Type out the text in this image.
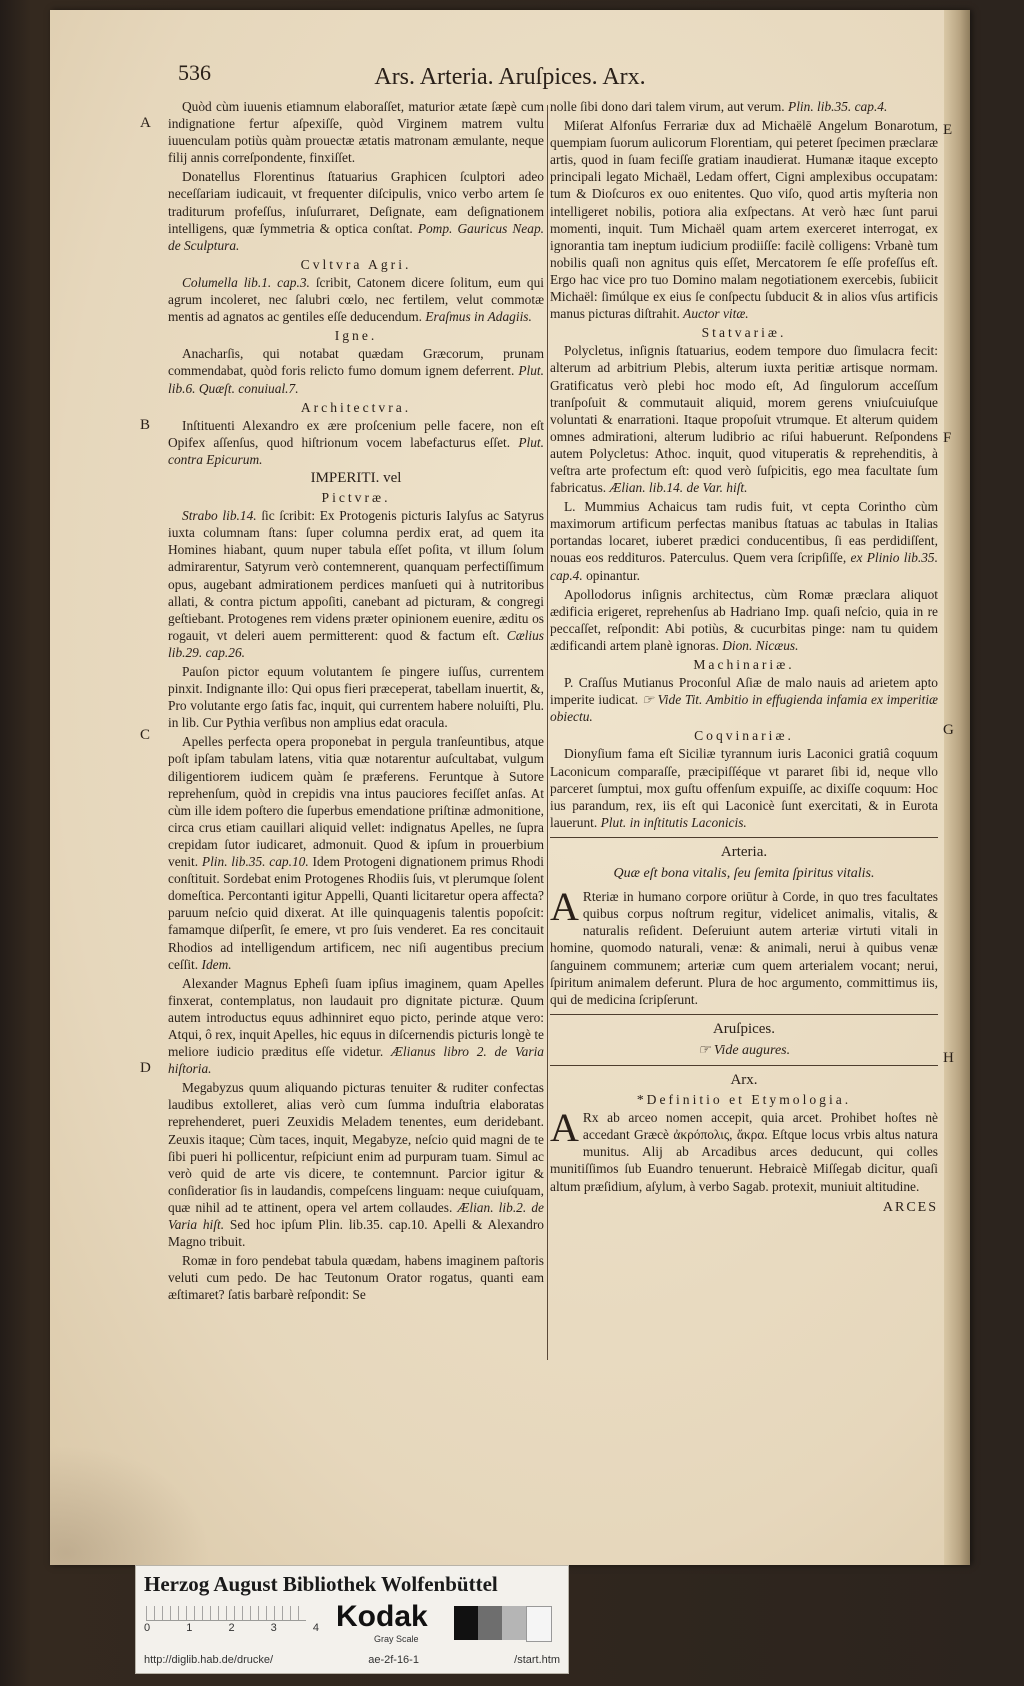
536	Ars. Arteria. Aruſpices. Arx.
A
B
C
D
E
F
G
H

Quòd cùm iuuenis etiamnum elaboraſſet, maturior ætate ſæpè cum indignatione fertur aſpexiſſe, quòd Virginem matrem vultu iuuenculam potiùs quàm prouectæ ætatis matronam æmulante, neque filij annis correſpondente, finxiſſet.

Donatellus Florentinus ſtatuarius Graphicen ſculptori adeo neceſſariam iudicauit, vt frequenter diſcipulis, vnico verbo artem ſe traditurum profeſſus, inſuſurraret, Deſignate, eam deſignationem intelligens, quæ ſymmetria & optica conſtat. Pomp. Gauricus Neap. de Sculptura.

Cvltvra Agri.

Columella lib.1. cap.3. ſcribit, Catonem dicere ſolitum, eum qui agrum incoleret, nec ſalubri cœlo, nec fertilem, velut commotæ mentis ad agnatos ac gentiles eſſe deducendum. Eraſmus in Adagiis.

Igne.

Anacharſis, qui notabat quædam Græcorum, prunam commendabat, quòd foris relicto fumo domum ignem deferrent. Plut. lib.6. Quæſt. conuiual.7.

Architectvra.

Inſtituenti Alexandro ex ære proſcenium pelle facere, non eſt Opifex aſſenſus, quod hiſtrionum vocem labefacturus eſſet. Plut. contra Epicurum.

IMPERITI. vel
Pictvræ.

Strabo lib.14. ſic ſcribit: Ex Protogenis picturis Ialyſus ac Satyrus iuxta columnam ſtans: ſuper columna perdix erat, ad quem ita Homines hiabant, quum nuper tabula eſſet poſita, vt illum ſolum admirarentur, Satyrum verò contemnerent, quanquam perfectiſſimum opus, augebant admirationem perdices manſueti qui à nutritoribus allati, & contra pictum appoſiti, canebant ad picturam, & congregi geſtiebant. Protogenes rem videns præter opinionem euenire, æditu os rogauit, vt deleri auem permitterent: quod & factum eſt. Cælius lib.29. cap.26.

Pauſon pictor equum volutantem ſe pingere iuſſus, currentem pinxit. Indignante illo: Qui opus fieri præceperat, tabellam inuertit, &, Pro volutante ergo ſatis fac, inquit, qui currentem habere noluiſti, Plu. in lib. Cur Pythia verſibus non amplius edat oracula.

Apelles perfecta opera proponebat in pergula tranſeuntibus, atque poſt ipſam tabulam latens, vitia quæ notarentur auſcultabat, vulgum diligentiorem iudicem quàm ſe præferens. Feruntque à Sutore reprehenſum, quòd in crepidis vna intus pauciores feciſſet anſas. At cùm ille idem poſtero die ſuperbus emendatione priſtinæ admonitione, circa crus etiam cauillari aliquid vellet: indignatus Apelles, ne ſupra crepidam ſutor iudicaret, admonuit. Quod & ipſum in prouerbium venit. Plin. lib.35. cap.10. Idem Protogeni dignationem primus Rhodi conſtituit. Sordebat enim Protogenes Rhodiis ſuis, vt plerumque ſolent domeſtica. Percontanti igitur Appelli, Quanti licitaretur opera affecta? paruum neſcio quid dixerat. At ille quinquagenis talentis popoſcit: famamque diſperſit, ſe emere, vt pro ſuis venderet. Ea res concitauit Rhodios ad intelligendum artificem, nec niſi augentibus precium ceſſit. Idem.

Alexander Magnus Epheſi ſuam ipſius imaginem, quam Apelles finxerat, contemplatus, non laudauit pro dignitate picturæ. Quum autem introductus equus adhinniret equo picto, perinde atque vero: Atqui, ô rex, inquit Apelles, hic equus in diſcernendis picturis longè te meliore iudicio præditus eſſe videtur. Ælianus libro 2. de Varia hiſtoria.

Megabyzus quum aliquando picturas tenuiter & ruditer confectas laudibus extolleret, alias verò cum ſumma induſtria elaboratas reprehenderet, pueri Zeuxidis Meladem tenentes, eum deridebant. Zeuxis itaque; Cùm taces, inquit, Megabyze, neſcio quid magni de te ſibi pueri hi pollicentur, reſpiciunt enim ad purpuram tuam. Simul ac verò quid de arte vis dicere, te contemnunt. Parcior igitur & conſideratior ſis in laudandis, compeſcens linguam: neque cuiuſquam, quæ nihil ad te attinent, opera vel artem collaudes. Ælian. lib.2. de Varia hiſt. Sed hoc ipſum Plin. lib.35. cap.10. Apelli & Alexandro Magno tribuit.

Romæ in foro pendebat tabula quædam, habens imaginem paſtoris veluti cum pedo. De hac Teutonum Orator rogatus, quanti eam æſtimaret? ſatis barbarè reſpondit: Se

nolle ſibi dono dari talem virum, aut verum. Plin. lib.35. cap.4.

Miſerat Alfonſus Ferrariæ dux ad Michaëlē Angelum Bonarotum, quempiam ſuorum aulicorum Florentiam, qui peteret ſpecimen præclaræ artis, quod in ſuam feciſſe gratiam inaudierat. Humanæ itaque excepto principali legato Michaël, Ledam offert, Cigni amplexibus occupatam: tum & Dioſcuros ex ouo enitentes. Quo viſo, quod artis myſteria non intelligeret nobilis, potiora alia exſpectans. At verò hæc ſunt parui momenti, inquit. Tum Michaël quam artem exerceret interrogat, ex ignorantia tam ineptum iudicium prodiiſſe: facilè colligens: Vrbanè tum nobilis quaſi non agnitus quis eſſet, Mercatorem ſe eſſe profeſſus eſt. Ergo hac vice pro tuo Domino malam negotiationem exercebis, ſubiicit Michaël: ſimúlque ex eius ſe conſpectu ſubducit & in alios vſus artificis manus picturas diſtrahit. Auctor vitæ.

Statvariæ.

Polycletus, inſignis ſtatuarius, eodem tempore duo ſimulacra fecit: alterum ad arbitrium Plebis, alterum iuxta peritiæ artisque normam. Gratificatus verò plebi hoc modo eſt, Ad ſingulorum acceſſum tranſpoſuit & commutauit aliquid, morem gerens vniuſcuiuſque voluntati & enarrationi. Itaque propoſuit vtrumque. Et alterum quidem omnes admirationi, alterum ludibrio ac riſui habuerunt. Reſpondens autem Polycletus: Athoc. inquit, quod vituperatis & reprehenditis, à veſtra arte profectum eſt: quod verò ſuſpicitis, ego mea facultate ſum fabricatus. Ælian. lib.14. de Var. hiſt.

L. Mummius Achaicus tam rudis fuit, vt cepta Corintho cùm maximorum artificum perfectas manibus ſtatuas ac tabulas in Italias portandas locaret, iuberet prædici conducentibus, ſi eas perdidiſſent, nouas eos reddituros. Paterculus. Quem vera ſcripſiſſe, ex Plinio lib.35. cap.4. opinantur.

Apollodorus inſignis architectus, cùm Romæ præclara aliquot ædificia erigeret, reprehenſus ab Hadriano Imp. quaſi neſcio, quia in re peccaſſet, reſpondit: Abi potiùs, & cucurbitas pinge: nam tu quidem ædificandi artem planè ignoras. Dion. Nicæus.

Machinariæ.

P. Craſſus Mutianus Proconſul Aſiæ de malo nauis ad arietem apto imperite iudicat. ☞ Vide Tit. Ambitio in effugienda infamia ex imperitiæ obiectu.

Coqvinariæ.

Dionyſium fama eſt Siciliæ tyrannum iuris Laconici gratiâ coquum Laconicum comparaſſe, præcipiſſéque vt pararet ſibi id, neque vllo parceret ſumptui, mox guſtu offenſum expuiſſe, ac dixiſſe coquum: Hoc ius parandum, rex, iis eſt qui Laconicè ſunt exercitati, & in Eurota lauerunt. Plut. in inſtitutis Laconicis.

Arteria.
Quæ eſt bona vitalis, ſeu ſemita ſpiritus vitalis.

A Rteriæ in humano corpore oriūtur à Corde, in quo tres facultates quibus corpus noſtrum regitur, videlicet animalis, vitalis, & naturalis reſident. Deſeruiunt autem arteriæ virtuti vitali in homine, quomodo naturali, venæ: & animali, nerui à quibus venæ ſanguinem communem; arteriæ cum quem arterialem vocant; nerui, ſpiritum animalem deferunt. Plura de hoc argumento, committimus iis, qui de medicina ſcripſerunt.

Aruſpices.
☞ Vide augures.
Arx.
*Definitio et Etymologia.

A Rx ab arceo nomen accepit, quia arcet. Prohibet hoſtes nè accedant Græcè ἀκρόπολις, ἄκρα. Eſtque locus vrbis altus natura munitus. Alij ab Arcadibus arces deducunt, qui colles munitiſſimos ſub Euandro tenuerunt. Hebraicè Miſſegab dicitur, quaſi altum præſidium, aſylum, à verbo Sagab. protexit, muniuit altitudine.

ARCES
Herzog August Bibliothek Wolfenbüttel
0	1	2	3	4 Kodak
Gray Scale
http://diglib.hab.de/drucke/	ae-2f-16-1	/start.htm
